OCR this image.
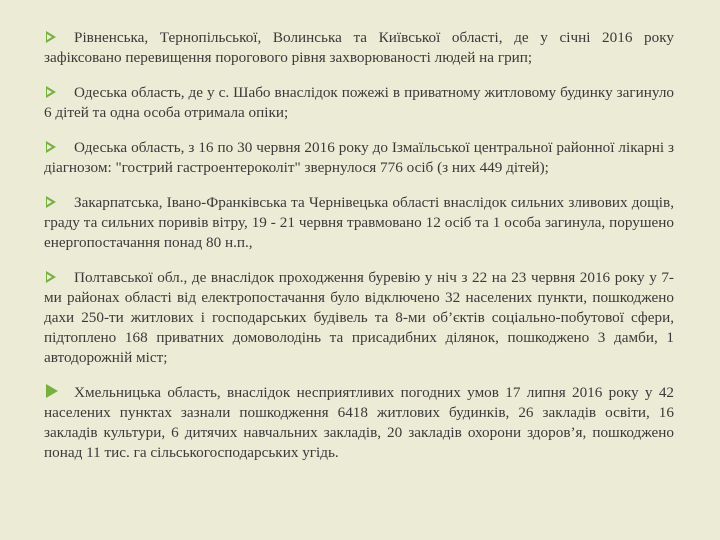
Рівненська, Тернопільської, Волинська та Київської області, де у січні 2016 року зафіксовано перевищення порогового рівня захворюваності людей на грип;
Одеська область, де у с. Шабо внаслідок пожежі в приватному житловому будинку загинуло 6 дітей та одна особа отримала опіки;
Одеська область, з 16 по 30 червня 2016 року до Ізмаїльської центральної районної лікарні з діагнозом: "гострий гастроентероколіт" звернулося 776 осіб (з них 449 дітей);
Закарпатська, Івано-Франківська та Чернівецька області внаслідок сильних зливових дощів, граду та сильних поривів вітру, 19 - 21 червня травмовано 12 осіб та 1 особа загинула, порушено енергопостачання понад 80 н.п.,
Полтавської обл., де внаслідок проходження буревію у ніч з 22 на 23 червня 2016 року у 7-ми районах області від електропостачання було відключено 32 населених пункти, пошкоджено дахи 250-ти житлових і господарських будівель та 8-ми об’єктів соціально-побутової сфери, підтоплено 168 приватних домоволодінь та присадибних ділянок, пошкоджено 3 дамби, 1 автодорожній міст;
Хмельницька область, внаслідок несприятливих погодних умов 17 липня 2016 року у 42 населених пунктах зазнали пошкодження 6418 житлових будинків, 26 закладів освіти, 16 закладів культури, 6 дитячих навчальних закладів, 20 закладів охорони здоров’я, пошкоджено понад 11 тис. га сільськогосподарських угідь.
